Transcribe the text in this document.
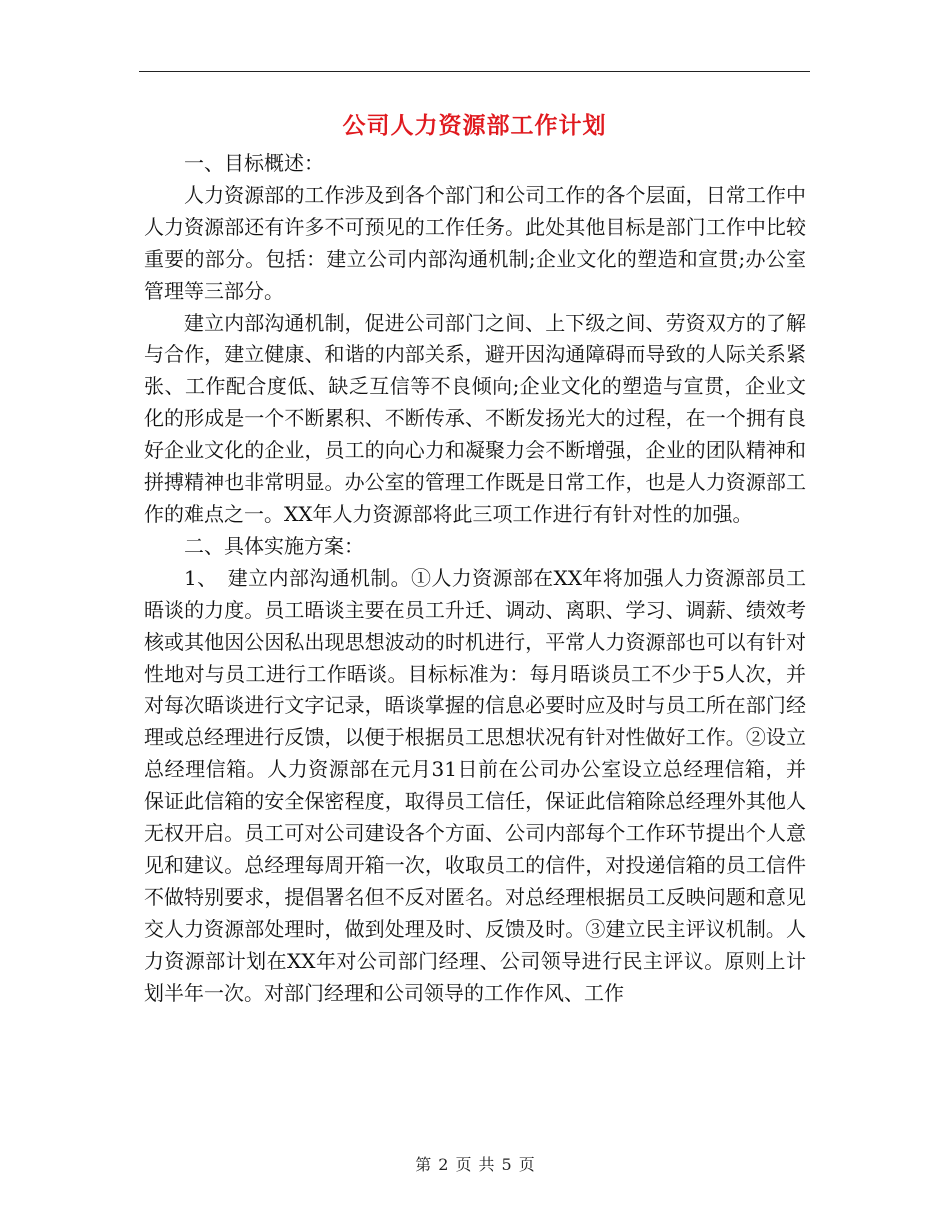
公司人力资源部工作计划

一、目标概述：

人力资源部的工作涉及到各个部门和公司工作的各个层面，日常工作中人力资源部还有许多不可预见的工作任务。此处其他目标是部门工作中比较重要的部分。包括：建立公司内部沟通机制;企业文化的塑造和宣贯;办公室管理等三部分。

建立内部沟通机制，促进公司部门之间、上下级之间、劳资双方的了解与合作，建立健康、和谐的内部关系，避开因沟通障碍而导致的人际关系紧张、工作配合度低、缺乏互信等不良倾向;企业文化的塑造与宣贯，企业文化的形成是一个不断累积、不断传承、不断发扬光大的过程，在一个拥有良好企业文化的企业，员工的向心力和凝聚力会不断增强，企业的团队精神和拼搏精神也非常明显。办公室的管理工作既是日常工作，也是人力资源部工作的难点之一。XX年人力资源部将此三项工作进行有针对性的加强。

二、具体实施方案：

1、　建立内部沟通机制。①人力资源部在XX年将加强人力资源部员工晤谈的力度。员工晤谈主要在员工升迁、调动、离职、学习、调薪、绩效考核或其他因公因私出现思想波动的时机进行，平常人力资源部也可以有针对性地对与员工进行工作晤谈。目标标准为：每月晤谈员工不少于5人次，并对每次晤谈进行文字记录，晤谈掌握的信息必要时应及时与员工所在部门经理或总经理进行反馈，以便于根据员工思想状况有针对性做好工作。②设立总经理信箱。人力资源部在元月31日前在公司办公室设立总经理信箱，并保证此信箱的安全保密程度，取得员工信任，保证此信箱除总经理外其他人无权开启。员工可对公司建设各个方面、公司内部每个工作环节提出个人意见和建议。总经理每周开箱一次，收取员工的信件，对投递信箱的员工信件不做特别要求，提倡署名但不反对匿名。对总经理根据员工反映问题和意见交人力资源部处理时，做到处理及时、反馈及时。③建立民主评议机制。人力资源部计划在XX年对公司部门经理、公司领导进行民主评议。原则上计划半年一次。对部门经理和公司领导的工作作风、工作

第 2 页 共 5 页
